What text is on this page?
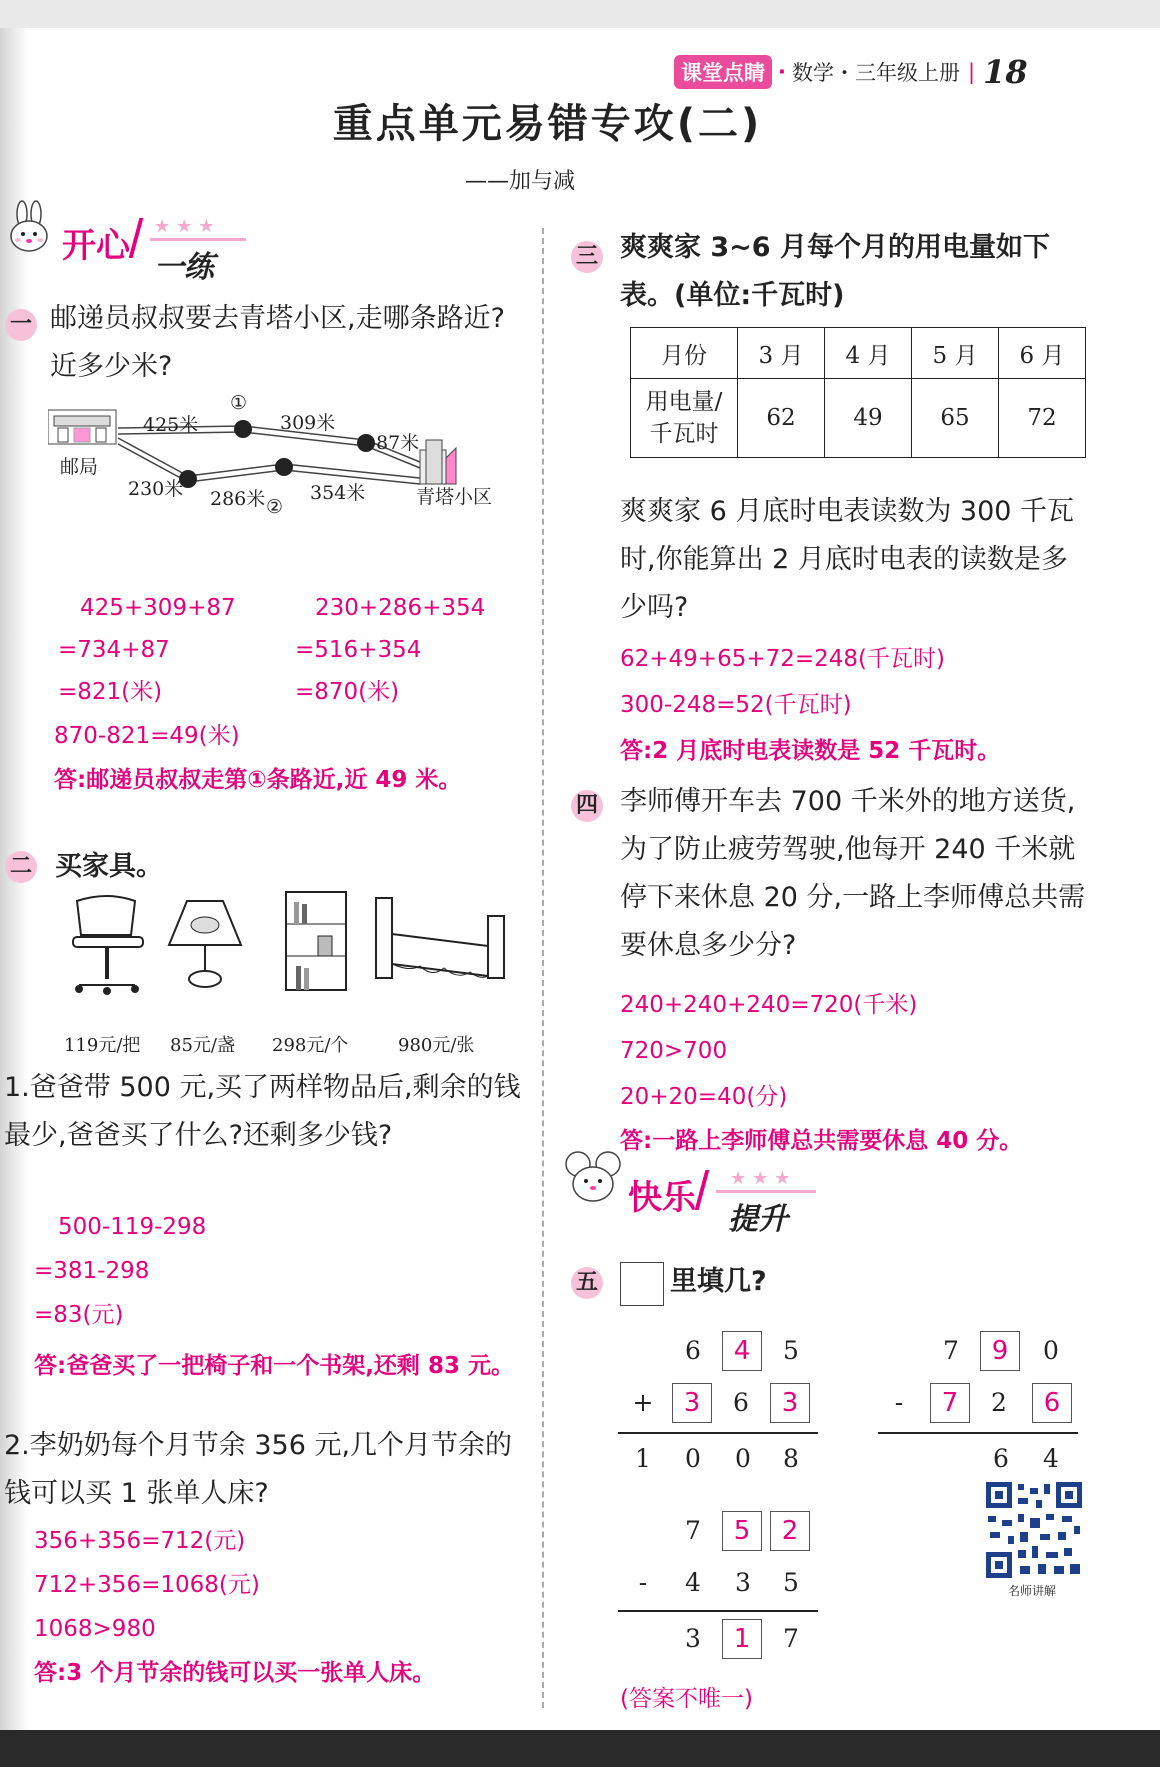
课堂点睛 · 数学・三年级上册 | 18
重点单元易错专攻(二)
——加与减
开心 ★★★
一练
一 邮递员叔叔要去青塔小区,走哪条路近?近多少米?
425米
①
309米
87米
邮局
230米 286米 ②
354米	青塔小区
425+309+87	230+286+354
=734+87	=516+354
=821(米)	=870(米)
870-821=49(米)
答:邮递员叔叔走第①条路近,近 49 米。
二 买家具。
119元/把 85元/盏 298元/个	980元/张
1.爸爸带 500 元,买了两样物品后,剩余的钱最少,爸爸买了什么?还剩多少钱?
500-119-298
=381-298
=83(元)
答:爸爸买了一把椅子和一个书架,还剩 83 元。
2.李奶奶每个月节余 356 元,几个月节余的钱可以买 1 张单人床?
356+356=712(元)
712+356=1068(元)
1068>980
答:3 个月节余的钱可以买一张单人床。
三 爽爽家 3~6 月每个月的用电量如下表。(单位:千瓦时)
月份	3 月	4 月	5 月	6 月
用电量/
千瓦时	62	49	65	72
爽爽家 6 月底时电表读数为 300 千瓦时,你能算出 2 月底时电表的读数是多少吗?
62+49+65+72=248(千瓦时)
300-248=52(千瓦时)
答:2 月底时电表读数是 52 千瓦时。
四 李师傅开车去 700 千米外的地方送货,为了防止疲劳驾驶,他每开 240 千米就停下来休息 20 分,一路上李师傅总共需要休息多少分?
240+240+240=720(千米)
720>700
20+20=40(分)
答:一路上李师傅总共需要休息 40 分。
快乐 ★★★
提升
五	里填几?
6	4	5
+	3	6	3
1	0	0	8
7	9	0
-	7	2	6
6	4
7	5	2
-	4	3	5
3	1	7
(答案不唯一)
名师讲解
